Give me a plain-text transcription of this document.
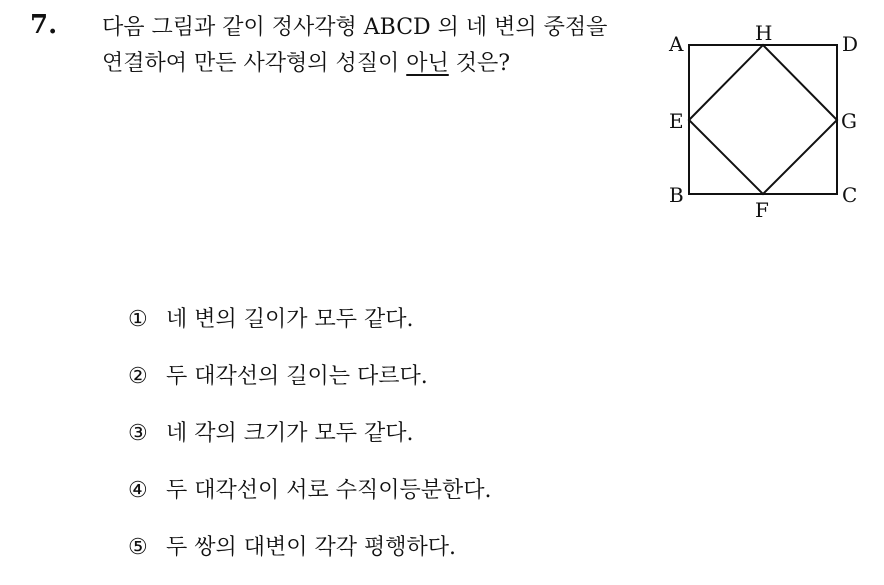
7. 다음 그림과 같이 정사각형 ABCD 의 네 변의 중점을 연결하여 만든 사각형의 성질이 아닌 것은?
A	H	D
E	G
B
F
C
① 네 변의 길이가 모두 같다.
② 두 대각선의 길이는 다르다.
③ 네 각의 크기가 모두 같다.
④ 두 대각선이 서로 수직이등분한다.
⑤ 두 쌍의 대변이 각각 평행하다.
